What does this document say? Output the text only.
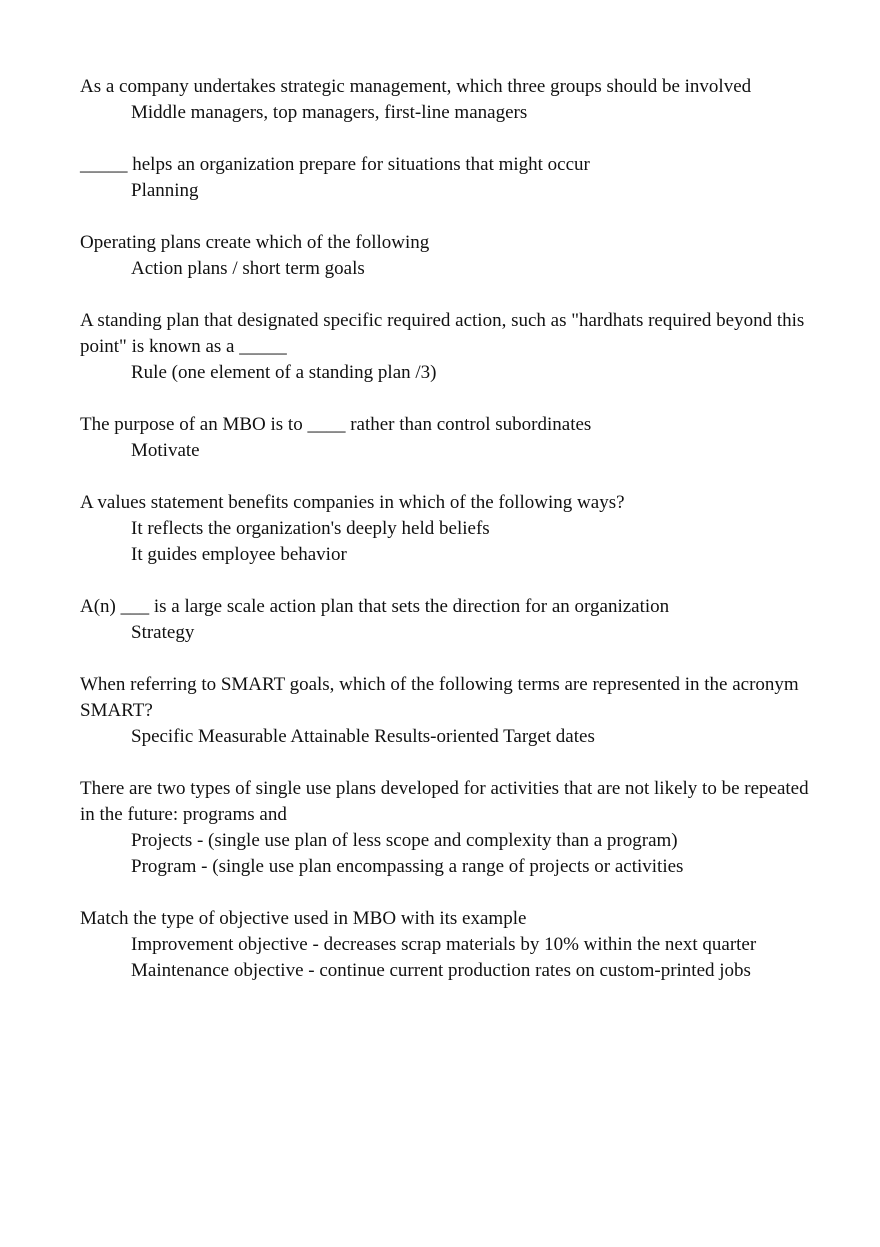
As a company undertakes strategic management, which three groups should be involved

Middle managers, top managers, first-line managers

_____ helps an organization prepare for situations that might occur

Planning

Operating plans create which of the following

Action plans / short term goals

A standing plan that designated specific required action, such as "hardhats required beyond this point" is known as a _____

Rule (one element of a standing plan /3)

The purpose of an MBO is to ____ rather than control subordinates

Motivate

A values statement benefits companies in which of the following ways?

It reflects the organization's deeply held beliefs

It guides employee behavior

A(n) ___ is a large scale action plan that sets the direction for an organization

Strategy

When referring to SMART goals, which of the following terms are represented in the acronym SMART?

Specific Measurable Attainable Results-oriented Target dates

There are two types of single use plans developed for activities that are not likely to be repeated in the future: programs and

Projects - (single use plan of less scope and complexity than a program)

Program - (single use plan encompassing a range of projects or activities

Match the type of objective used in MBO with its example

Improvement objective - decreases scrap materials by 10% within the next quarter

Maintenance objective - continue current production rates on custom-printed jobs
